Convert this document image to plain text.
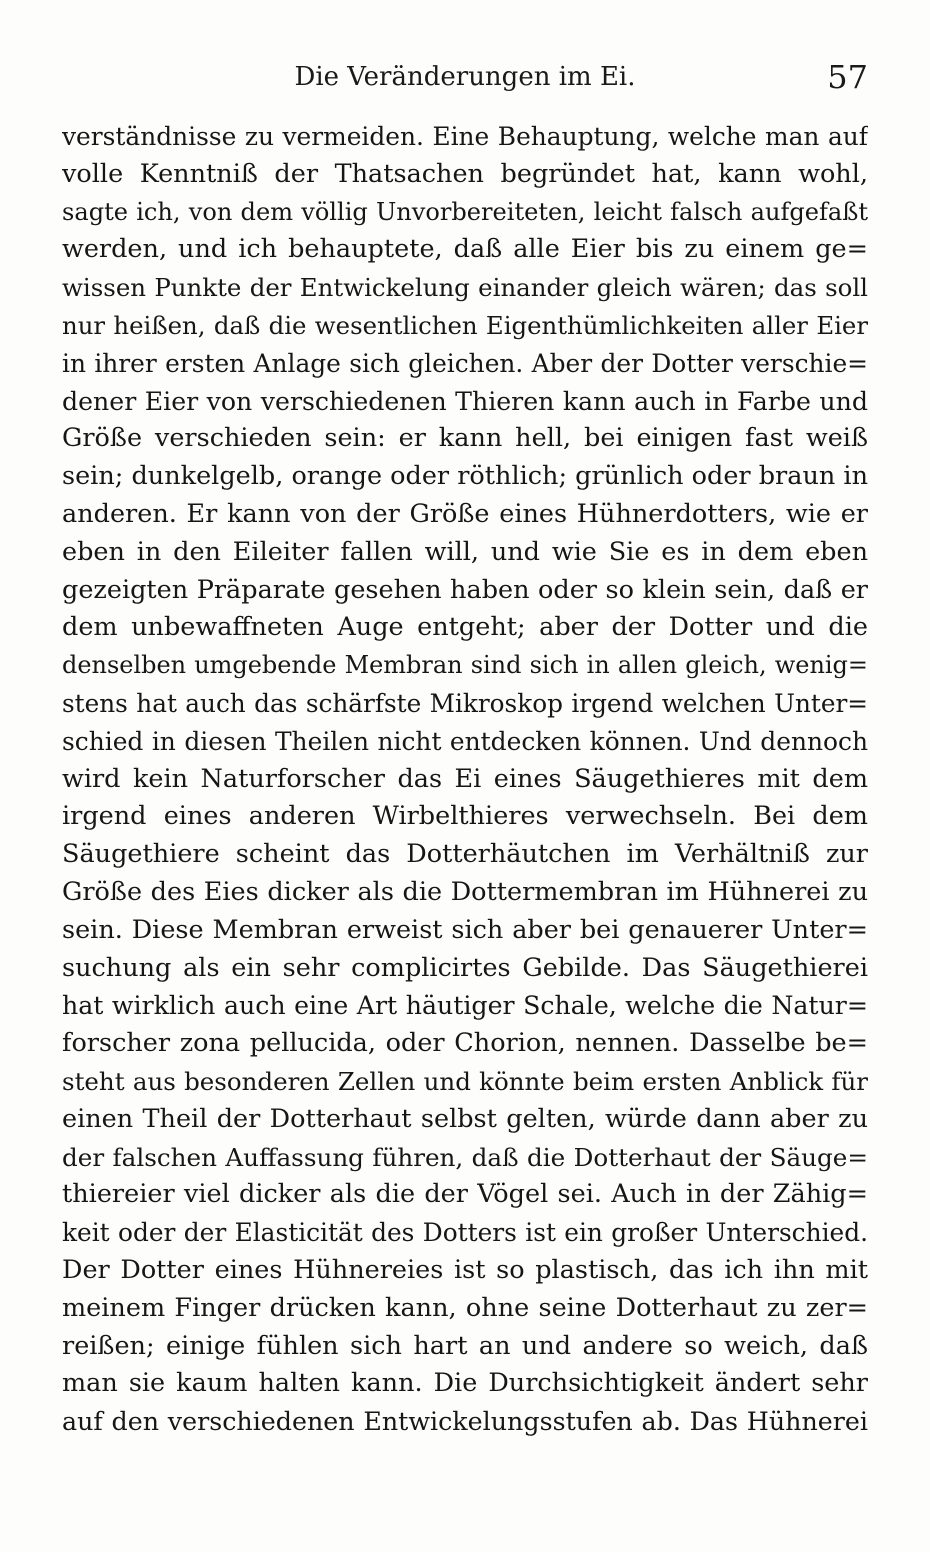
Die Veränderungen im Ei.	57
verständnisse zu vermeiden. Eine Behauptung, welche man auf
volle Kenntniß der Thatsachen begründet hat, kann wohl,
sagte ich, von dem völlig Unvorbereiteten, leicht falsch aufgefaßt
werden, und ich behauptete, daß alle Eier bis zu einem ge=
wissen Punkte der Entwickelung einander gleich wären; das soll
nur heißen, daß die wesentlichen Eigenthümlichkeiten aller Eier
in ihrer ersten Anlage sich gleichen. Aber der Dotter verschie=
dener Eier von verschiedenen Thieren kann auch in Farbe und
Größe verschieden sein: er kann hell, bei einigen fast weiß
sein; dunkelgelb, orange oder röthlich; grünlich oder braun in
anderen. Er kann von der Größe eines Hühnerdotters, wie er
eben in den Eileiter fallen will, und wie Sie es in dem eben
gezeigten Präparate gesehen haben oder so klein sein, daß er
dem unbewaffneten Auge entgeht; aber der Dotter und die
denselben umgebende Membran sind sich in allen gleich, wenig=
stens hat auch das schärfste Mikroskop irgend welchen Unter=
schied in diesen Theilen nicht entdecken können. Und dennoch
wird kein Naturforscher das Ei eines Säugethieres mit dem
irgend eines anderen Wirbelthieres verwechseln. Bei dem
Säugethiere scheint das Dotterhäutchen im Verhältniß zur
Größe des Eies dicker als die Dottermembran im Hühnerei zu
sein. Diese Membran erweist sich aber bei genauerer Unter=
suchung als ein sehr complicirtes Gebilde. Das Säugethierei
hat wirklich auch eine Art häutiger Schale, welche die Natur=
forscher zona pellucida, oder Chorion, nennen. Dasselbe be=
steht aus besonderen Zellen und könnte beim ersten Anblick für
einen Theil der Dotterhaut selbst gelten, würde dann aber zu
der falschen Auffassung führen, daß die Dotterhaut der Säuge=
thiereier viel dicker als die der Vögel sei. Auch in der Zähig=
keit oder der Elasticität des Dotters ist ein großer Unterschied.
Der Dotter eines Hühnereies ist so plastisch, das ich ihn mit
meinem Finger drücken kann, ohne seine Dotterhaut zu zer=
reißen; einige fühlen sich hart an und andere so weich, daß
man sie kaum halten kann. Die Durchsichtigkeit ändert sehr
auf den verschiedenen Entwickelungsstufen ab. Das Hühnerei
